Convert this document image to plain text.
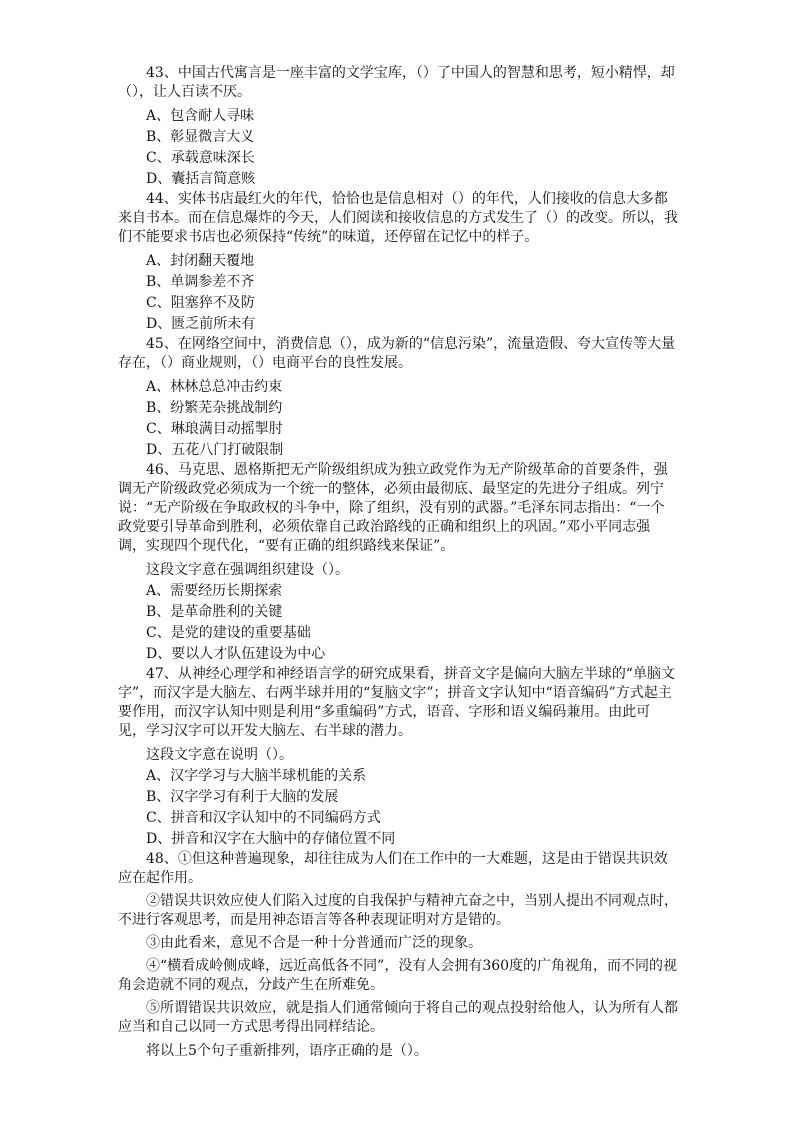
43、中国古代寓言是一座丰富的文学宝库，（）了中国人的智慧和思考，短小精悍，却（），让人百读不厌。

A、包含耐人寻味

B、彰显微言大义

C、承载意味深长

D、囊括言简意赅

44、实体书店最红火的年代，恰恰也是信息相对（）的年代，人们接收的信息大多都来自书本。而在信息爆炸的今天，人们阅读和接收信息的方式发生了（）的改变。所以，我们不能要求书店也必须保持“传统”的味道，还停留在记忆中的样子。

A、封闭翻天覆地

B、单调参差不齐

C、阻塞猝不及防

D、匮乏前所未有

45、在网络空间中，消费信息（），成为新的“信息污染”，流量造假、夸大宣传等大量存在，（）商业规则，（）电商平台的良性发展。

A、林林总总冲击约束

B、纷繁芜杂挑战制约

C、琳琅满目动摇掣肘

D、五花八门打破限制

46、马克思、恩格斯把无产阶级组织成为独立政党作为无产阶级革命的首要条件，强调无产阶级政党必须成为一个统一的整体，必须由最彻底、最坚定的先进分子组成。列宁说：“无产阶级在争取政权的斗争中，除了组织，没有别的武器。”毛泽东同志指出：“一个政党要引导革命到胜利，必须依靠自己政治路线的正确和组织上的巩固。”邓小平同志强调，实现四个现代化，“要有正确的组织路线来保证”。

这段文字意在强调组织建设（）。

A、需要经历长期探索

B、是革命胜利的关键

C、是党的建设的重要基础

D、要以人才队伍建设为中心

47、从神经心理学和神经语言学的研究成果看，拼音文字是偏向大脑左半球的“单脑文字”，而汉字是大脑左、右两半球并用的“复脑文字”；拼音文字认知中“语音编码”方式起主要作用，而汉字认知中则是利用“多重编码”方式，语音、字形和语义编码兼用。由此可见，学习汉字可以开发大脑左、右半球的潜力。

这段文字意在说明（）。

A、汉字学习与大脑半球机能的关系

B、汉字学习有利于大脑的发展

C、拼音和汉字认知中的不同编码方式

D、拼音和汉字在大脑中的存储位置不同

48、①但这种普遍现象，却往往成为人们在工作中的一大难题，这是由于错误共识效应在起作用。

②错误共识效应使人们陷入过度的自我保护与精神亢奋之中，当别人提出不同观点时，不进行客观思考，而是用神态语言等各种表现证明对方是错的。

③由此看来，意见不合是一种十分普通而广泛的现象。

④“横看成岭侧成峰，远近高低各不同”，没有人会拥有360度的广角视角，而不同的视角会造就不同的观点，分歧产生在所难免。

⑤所谓错误共识效应，就是指人们通常倾向于将自己的观点投射给他人，认为所有人都应当和自己以同一方式思考得出同样结论。

将以上5个句子重新排列，语序正确的是（）。
